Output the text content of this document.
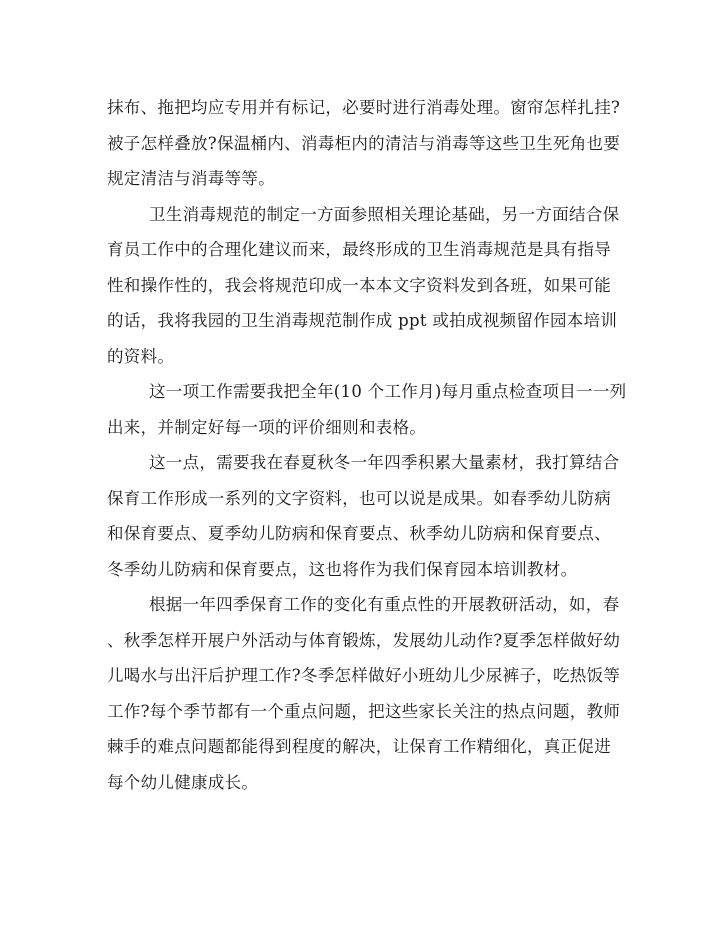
抹布、拖把均应专用并有标记，必要时进行消毒处理。窗帘怎样扎挂?
被子怎样叠放?保温桶内、消毒柜内的清洁与消毒等这些卫生死角也要
规定清洁与消毒等等。
卫生消毒规范的制定一方面参照相关理论基础，另一方面结合保
育员工作中的合理化建议而来，最终形成的卫生消毒规范是具有指导
性和操作性的，我会将规范印成一本本文字资料发到各班，如果可能
的话，我将我园的卫生消毒规范制作成 ppt 或拍成视频留作园本培训
的资料。
这一项工作需要我把全年(10 个工作月)每月重点检查项目一一列
出来，并制定好每一项的评价细则和表格。
这一点，需要我在春夏秋冬一年四季积累大量素材，我打算结合
保育工作形成一系列的文字资料，也可以说是成果。如春季幼儿防病
和保育要点、夏季幼儿防病和保育要点、秋季幼儿防病和保育要点、
冬季幼儿防病和保育要点，这也将作为我们保育园本培训教材。
根据一年四季保育工作的变化有重点性的开展教研活动，如，春
、秋季怎样开展户外活动与体育锻炼，发展幼儿动作?夏季怎样做好幼
儿喝水与出汗后护理工作?冬季怎样做好小班幼儿少尿裤子，吃热饭等
工作?每个季节都有一个重点问题，把这些家长关注的热点问题，教师
棘手的难点问题都能得到程度的解决，让保育工作精细化，真正促进
每个幼儿健康成长。
